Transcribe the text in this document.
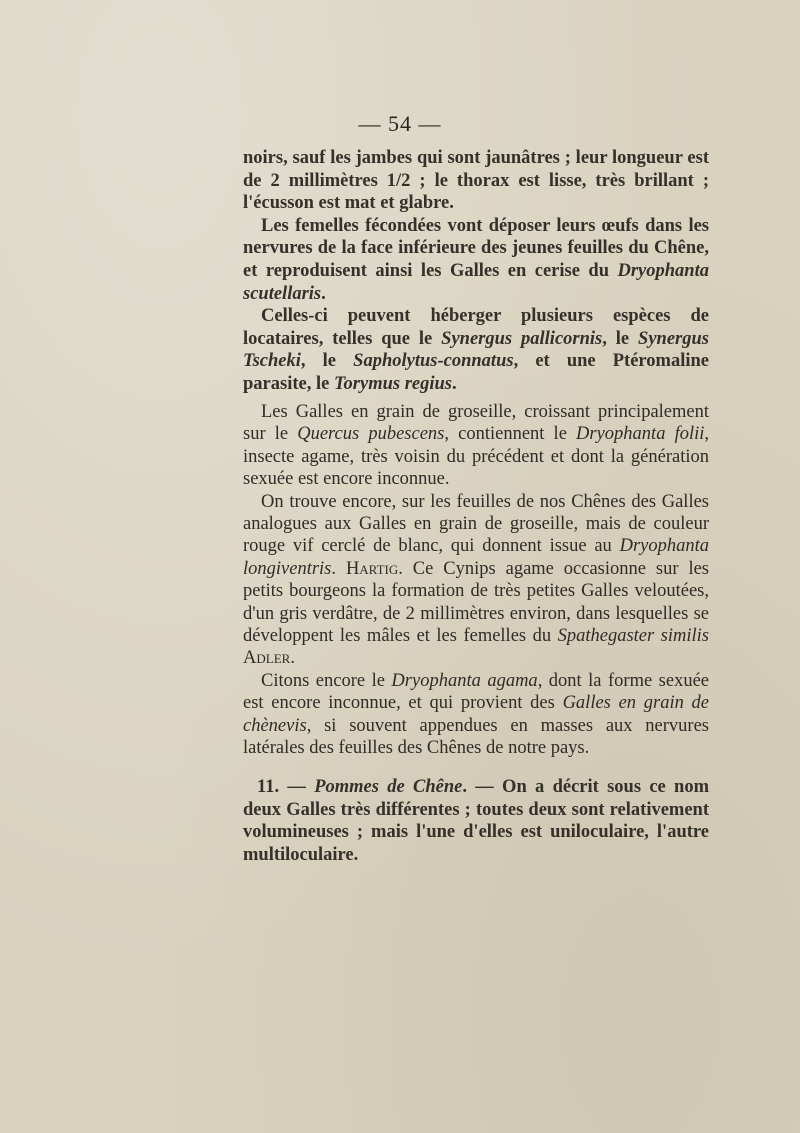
— 54 —

noirs, sauf les jambes qui sont jaunâtres ; leur longueur est de 2 millimètres 1/2 ; le thorax est lisse, très brillant ; l'écusson est mat et glabre.

Les femelles fécondées vont déposer leurs œufs dans les nervures de la face inférieure des jeunes feuilles du Chêne, et reproduisent ainsi les Galles en cerise du Dryophanta scutellaris.

Celles-ci peuvent héberger plusieurs espèces de locataires, telles que le Synergus pallicornis, le Synergus Tscheki, le Sapholytus-connatus, et une Ptéromaline parasite, le Torymus regius.

Les Galles en grain de groseille, croissant principalement sur le Quercus pubescens, contiennent le Dryophanta folii, insecte agame, très voisin du précédent et dont la génération sexuée est encore inconnue.

On trouve encore, sur les feuilles de nos Chênes des Galles analogues aux Galles en grain de groseille, mais de couleur rouge vif cerclé de blanc, qui donnent issue au Dryophanta longiventris. Hartig. Ce Cynips agame occasionne sur les petits bourgeons la formation de très petites Galles veloutées, d'un gris verdâtre, de 2 millimètres environ, dans lesquelles se développent les mâles et les femelles du Spathegaster similis Adler.

Citons encore le Dryophanta agama, dont la forme sexuée est encore inconnue, et qui provient des Galles en grain de chènevis, si souvent appendues en masses aux nervures latérales des feuilles des Chênes de notre pays.

11. — Pommes de Chêne. — On a décrit sous ce nom deux Galles très différentes ; toutes deux sont relativement volumineuses ; mais l'une d'elles est uniloculaire, l'autre multiloculaire.
